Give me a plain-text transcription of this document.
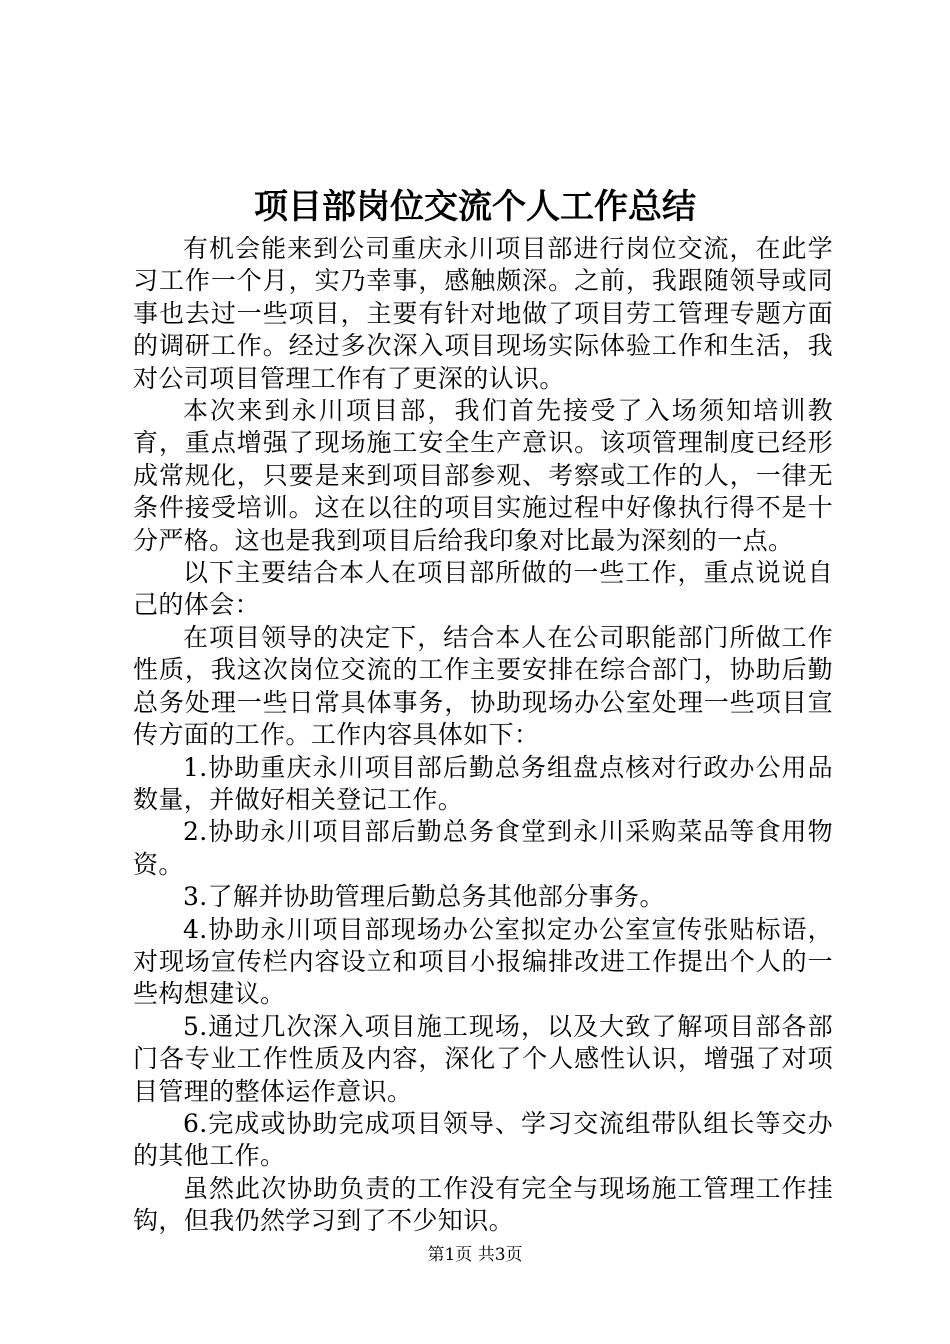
项目部岗位交流个人工作总结

有机会能来到公司重庆永川项目部进行岗位交流，在此学习工作一个月，实乃幸事，感触颇深。之前，我跟随领导或同事也去过一些项目，主要有针对地做了项目劳工管理专题方面的调研工作。经过多次深入项目现场实际体验工作和生活，我对公司项目管理工作有了更深的认识。

本次来到永川项目部，我们首先接受了入场须知培训教育，重点增强了现场施工安全生产意识。该项管理制度已经形成常规化，只要是来到项目部参观、考察或工作的人，一律无条件接受培训。这在以往的项目实施过程中好像执行得不是十分严格。这也是我到项目后给我印象对比最为深刻的一点。

以下主要结合本人在项目部所做的一些工作，重点说说自己的体会：

在项目领导的决定下，结合本人在公司职能部门所做工作性质，我这次岗位交流的工作主要安排在综合部门，协助后勤总务处理一些日常具体事务，协助现场办公室处理一些项目宣传方面的工作。工作内容具体如下：

1.协助重庆永川项目部后勤总务组盘点核对行政办公用品数量，并做好相关登记工作。

2.协助永川项目部后勤总务食堂到永川采购菜品等食用物资。

3.了解并协助管理后勤总务其他部分事务。

4.协助永川项目部现场办公室拟定办公室宣传张贴标语，对现场宣传栏内容设立和项目小报编排改进工作提出个人的一些构想建议。

5.通过几次深入项目施工现场，以及大致了解项目部各部门各专业工作性质及内容，深化了个人感性认识，增强了对项目管理的整体运作意识。

6.完成或协助完成项目领导、学习交流组带队组长等交办的其他工作。

虽然此次协助负责的工作没有完全与现场施工管理工作挂钩，但我仍然学习到了不少知识。

第1页 共3页
